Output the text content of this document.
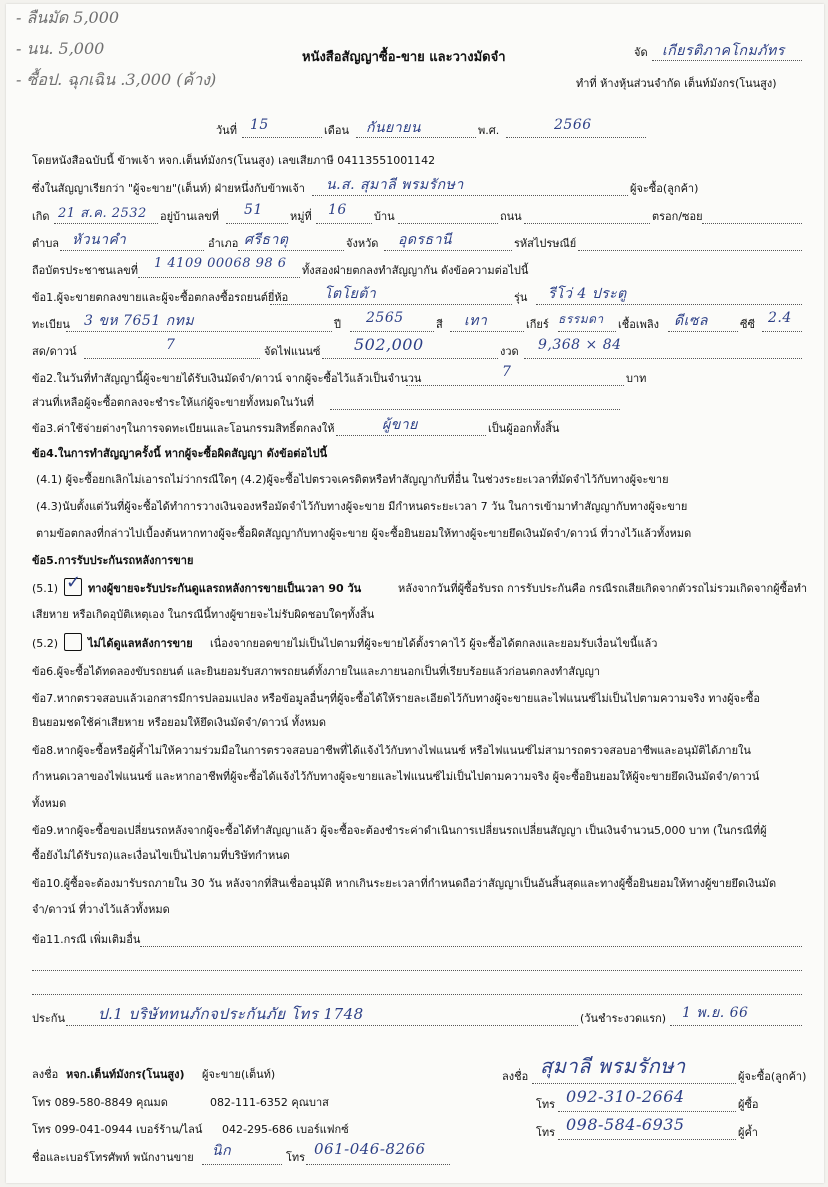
- ลืนมัด 5,000
- นน. 5,000
- ซื้อป. ฉุกเฉิน .3,000 (ค้าง)
หนังสือสัญญาซื้อ-ขาย และวางมัดจำ	จัด เกียรติภาคโกมภัทร
ทำที่ ห้างหุ้นส่วนจำกัด เต็นท์มังกร(โนนสูง)
วันที่ 15	เดือน กันยายน	พ.ศ.	2566
โดยหนังสือฉบับนี้ ข้าพเจ้า หจก.เต็นท์มังกร(โนนสูง) เลขเสียภาษี 04113551001142
ซึ่งในสัญญาเรียกว่า "ผู้จะขาย"(เต็นท์) ฝ่ายหนึ่งกับข้าพเจ้า น.ส. สุมาลี พรมรักษา	ผู้จะซื้อ(ลูกค้า)
เกิด 21 ส.ค. 2532 อยู่บ้านเลขที่ 51 หมู่ที่ 16 บ้าน	ถนน	ตรอก/ซอย
ตำบล หัวนาคำ	อำเภอ ศรีธาตุ	จังหวัด อุดรธานี	รหัสไปรษณีย์
ถือบัตรประชาชนเลขที่ 1 4109 00068 98 6 ทั้งสองฝ่ายตกลงทำสัญญากัน ดังข้อความต่อไปนี้
ข้อ1.ผู้จะขายตกลงขายและผู้จะซื้อตกลงซื้อรถยนต์ยี่ห้อ	โตโยต้า	รุ่น รีโว่ 4 ประตู
ทะเบียน 3 ขห 7651 กทม	ปี 2565	สี เทา	เกียร์ ธรรมดา เชื้อเพลิง ดีเซล	ซีซี 2.4
สด/ดาวน์	7	จัดไฟแนนซ์ 502,000	งวด 9,368 × 84
ข้อ2.ในวันที่ทำสัญญานี้ผู้จะขายได้รับเงินมัดจำ/ดาวน์ จากผู้จะซื้อไว้แล้วเป็นจำนวน	7	บาท
ส่วนที่เหลือผู้จะซื้อตกลงจะชำระให้แก่ผู้จะขายทั้งหมดในวันที่
ข้อ3.ค่าใช้จ่ายต่างๆในการจดทะเบียนและโอนกรรมสิทธิ์ตกลงให้	ผู้ขาย	เป็นผู้ออกทั้งสิ้น
ข้อ4.ในการทำสัญญาครั้งนี้ หากผู้จะซื้อผิดสัญญา ดังข้อต่อไปนี้
(4.1) ผู้จะซื้อยกเลิกไม่เอารถไม่ว่ากรณีใดๆ (4.2)ผู้จะซื้อไปตรวจเครดิตหรือทำสัญญากับที่อื่น ในช่วงระยะเวลาที่มัดจำไว้กับทางผู้จะขาย
(4.3)นับตั้งแต่วันที่ผู้จะซื้อได้ทำการวางเงินจองหรือมัดจำไว้กับทางผู้จะขาย มีกำหนดระยะเวลา 7 วัน ในการเข้ามาทำสัญญากับทางผู้จะขาย
ตามข้อตกลงที่กล่าวไปเบื้องต้นหากทางผู้จะซื้อผิดสัญญากับทางผู้จะขาย ผู้จะซื้อยินยอมให้ทางผู้จะขายยึดเงินมัดจำ/ดาวน์ ที่วางไว้แล้วทั้งหมด
ข้อ5.การรับประกันรถหลังการขาย
(5.1) ✓ ทางผู้ขายจะรับประกันดูแลรถหลังการขายเป็นเวลา 90 วัน	หลังจากวันที่ผู้ซื้อรับรถ การรับประกันคือ กรณีรถเสียเกิดจากตัวรถไม่รวมเกิดจากผู้ซื้อทำ
เสียหาย หรือเกิดอุบัติเหตุเอง ในกรณีนี้ทางผู้ขายจะไม่รับผิดชอบใดๆทั้งสิ้น
(5.2)	ไม่ได้ดูแลหลังการขาย เนื่องจากยอดขายไม่เป็นไปตามที่ผู้จะขายได้ตั้งราคาไว้ ผู้จะซื้อได้ตกลงและยอมรับเงื่อนไขนี้แล้ว
ข้อ6.ผู้จะซื้อได้ทดลองขับรถยนต์ และยินยอมรับสภาพรถยนต์ทั้งภายในและภายนอกเป็นที่เรียบร้อยแล้วก่อนตกลงทำสัญญา
ข้อ7.หากตรวจสอบแล้วเอกสารมีการปลอมแปลง หรือข้อมูลอื่นๆที่ผู้จะซื้อได้ให้รายละเอียดไว้กับทางผู้จะขายและไฟแนนซ์ไม่เป็นไปตามความจริง ทางผู้จะซื้อ
ยินยอมชดใช้ค่าเสียหาย หรือยอมให้ยึดเงินมัดจำ/ดาวน์ ทั้งหมด
ข้อ8.หากผู้จะซื้อหรือผู้ค้ำไม่ให้ความร่วมมือในการตรวจสอบอาชีพที่ได้แจ้งไว้กับทางไฟแนนซ์ หรือไฟแนนซ์ไม่สามารถตรวจสอบอาชีพและอนุมัติได้ภายใน
กำหนดเวลาของไฟแนนซ์ และหากอาชีพที่ผู้จะซื้อได้แจ้งไว้กับทางผู้จะขายและไฟแนนซ์ไม่เป็นไปตามความจริง ผู้จะซื้อยินยอมให้ผู้จะขายยึดเงินมัดจำ/ดาวน์
ทั้งหมด
ข้อ9.หากผู้จะซื้อขอเปลี่ยนรถหลังจากผู้จะซื้อได้ทำสัญญาแล้ว ผู้จะซื้อจะต้องชำระค่าดำเนินการเปลี่ยนรถเปลี่ยนสัญญา เป็นเงินจำนวน5,000 บาท (ในกรณีที่ผู้
ซื้อยังไม่ได้รับรถ)และเงื่อนไขเป็นไปตามที่บริษัทกำหนด
ข้อ10.ผู้ซื้อจะต้องมารับรถภายใน 30 วัน หลังจากที่สินเชื่ออนุมัติ หากเกินระยะเวลาที่กำหนดถือว่าสัญญาเป็นอันสิ้นสุดและทางผู้ซื้อยินยอมให้ทางผู้ขายยึดเงินมัด
จำ/ดาวน์ ที่วางไว้แล้วทั้งหมด
ข้อ11.กรณี เพิ่มเติมอื่น
ประกัน ป.1 บริษัททนภักจประกันภัย โทร 1748	(วันชำระงวดแรก) 1 พ.ย. 66
ลงชื่อ หจก.เต็นท์มังกร(โนนสูง) ผู้จะขาย(เต็นท์)
โทร 089-580-8849 คุณมด	082-111-6352 คุณบาส
โทร 099-041-0944 เบอร์ร้าน/ไลน์ 042-295-686 เบอร์แฟกซ์
ชื่อและเบอร์โทรศัพท์ พนักงานขาย นิก	โทร 061-046-8266
ลงชื่อ สุมาลี พรมรักษา	ผู้จะซื้อ(ลูกค้า)
โทร 092-310-2664	ผู้ซื้อ
โทร 098-584-6935	ผู้ค้ำ
